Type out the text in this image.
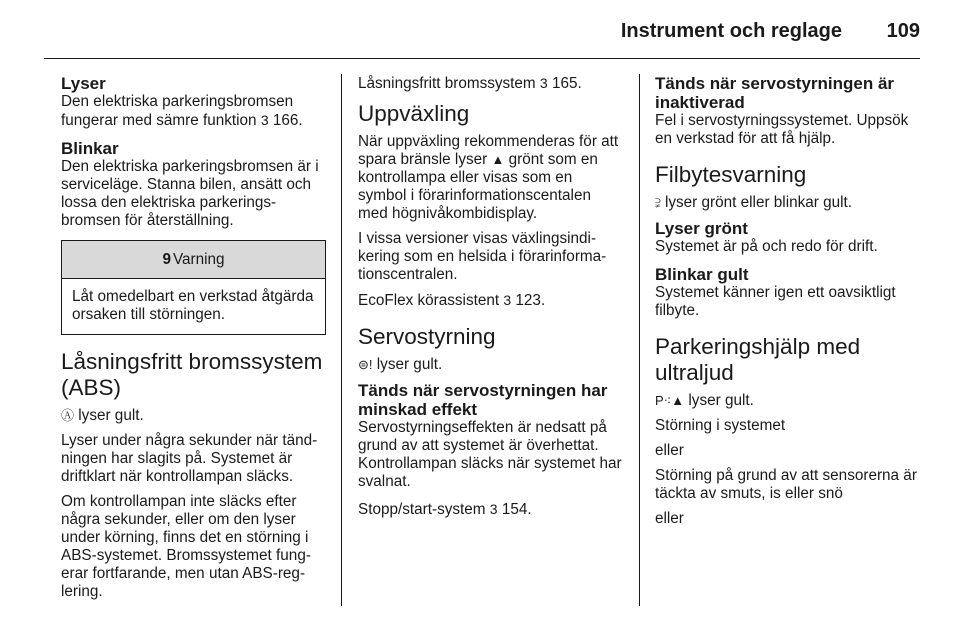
Instrument och reglage 109
Lyser

Den elektriska parkeringsbromsen fungerar med sämre funktion 3 166.

Blinkar

Den elektriska parkeringsbromsen är i serviceläge. Stanna bilen, ansätt och lossa den elektriska parkeringsbromsen för återställning.

9 Varning
Låt omedelbart en verkstad åtgärda orsaken till störningen.
Låsningsfritt bromssystem (ABS)

Ⓐ lyser gult.

Lyser under några sekunder när tändningen har slagits på. Systemet är driftklart när kontrollampan släcks.

Om kontrollampan inte släcks efter några sekunder, eller om den lyser under körning, finns det en störning i ABS-systemet. Bromssystemet fungerar fortfarande, men utan ABS-reglering.

Låsningsfritt bromssystem 3 165.

Uppväxling

När uppväxling rekommenderas för att spara bränsle lyser ▲ grönt som en kontrollampa eller visas som en symbol i förarinformationscentalen med högnivåkombidisplay.

I vissa versioner visas växlingsindikering som en helsida i förarinformationscentralen.

EcoFlex körassistent 3 123.

Servostyrning

⊜! lyser gult.

Tänds när servostyrningen har minskad effekt

Servostyrningseffekten är nedsatt på grund av att systemet är överhettat. Kontrollampan släcks när systemet har svalnat.

Stopp/start-system 3 154.

Tänds när servostyrningen är inaktiverad

Fel i servostyrningssystemet. Uppsök en verkstad för att få hjälp.

Filbytesvarning

⫌ lyser grönt eller blinkar gult.

Lyser grönt

Systemet är på och redo för drift.

Blinkar gult

Systemet känner igen ett oavsiktligt filbyte.

Parkeringshjälp med ultraljud

P⁖▲ lyser gult.

Störning i systemet

eller

Störning på grund av att sensorerna är täckta av smuts, is eller snö

eller
